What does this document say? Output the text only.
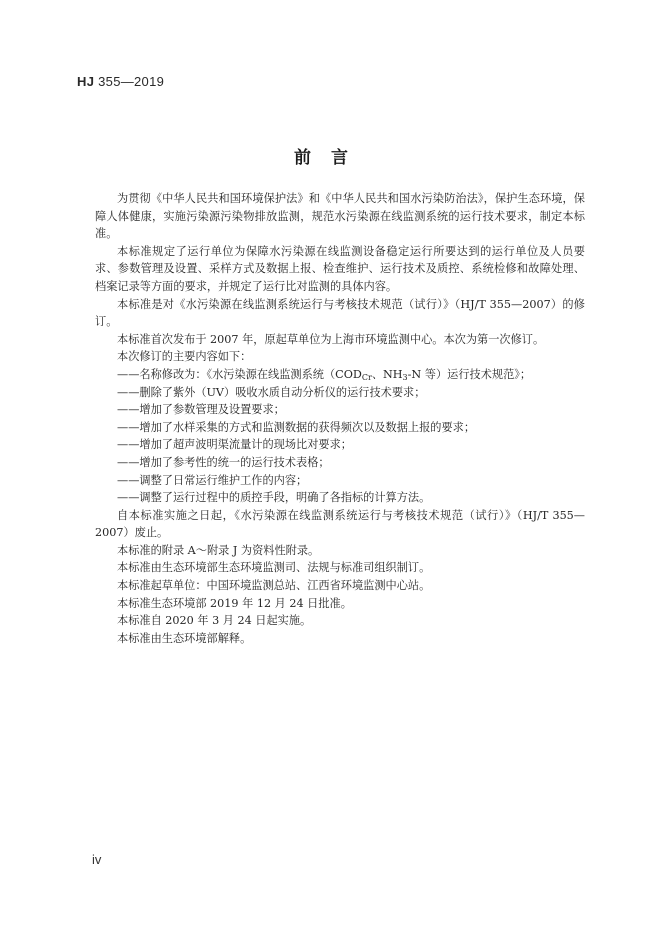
HJ 355—2019
前言

为贯彻《中华人民共和国环境保护法》和《中华人民共和国水污染防治法》，保护生态环境，保障人体健康，实施污染源污染物排放监测，规范水污染源在线监测系统的运行技术要求，制定本标准。

本标准规定了运行单位为保障水污染源在线监测设备稳定运行所要达到的运行单位及人员要求、参数管理及设置、采样方式及数据上报、检查维护、运行技术及质控、系统检修和故障处理、档案记录等方面的要求，并规定了运行比对监测的具体内容。

本标准是对《水污染源在线监测系统运行与考核技术规范（试行）》（HJ/T 355—2007）的修订。

本标准首次发布于 2007 年，原起草单位为上海市环境监测中心。本次为第一次修订。

本次修订的主要内容如下：

——名称修改为：《水污染源在线监测系统（$COD_{Cr}$、$NH_3-N$ 等）运行技术规范》；

——删除了紫外（UV）吸收水质自动分析仪的运行技术要求；

——增加了参数管理及设置要求；

——增加了水样采集的方式和监测数据的获得频次以及数据上报的要求；

——增加了超声波明渠流量计的现场比对要求；

——增加了参考性的统一的运行技术表格；

——调整了日常运行维护工作的内容；

——调整了运行过程中的质控手段，明确了各指标的计算方法。

自本标准实施之日起，《水污染源在线监测系统运行与考核技术规范（试行）》（HJ/T 355—2007）废止。

本标准的附录 A～附录 J 为资料性附录。

本标准由生态环境部生态环境监测司、法规与标准司组织制订。

本标准起草单位：中国环境监测总站、江西省环境监测中心站。

本标准生态环境部 2019 年 12 月 24 日批准。

本标准自 2020 年 3 月 24 日起实施。

本标准由生态环境部解释。

iv
